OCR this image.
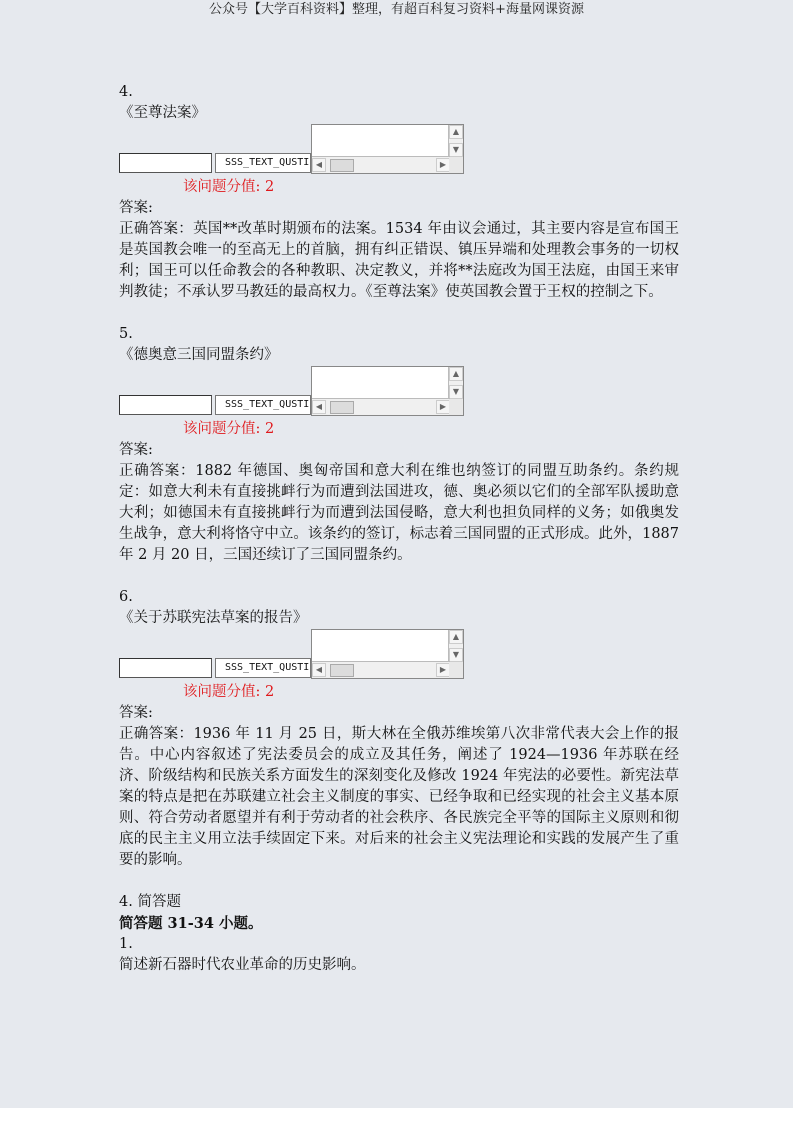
公众号【大学百科资料】整理，有超百科复习资料+海量网课资源
4.
《至尊法案》
SSS_TEXT_QUSTI
▲
▼
◀	▶
该问题分值: 2
答案:
正确答案：英国**改革时期颁布的法案。1534 年由议会通过，其主要内容是宣布国王是英国教会唯一的至高无上的首脑，拥有纠正错误、镇压异端和处理教会事务的一切权利；国王可以任命教会的各种教职、决定教义，并将**法庭改为国王法庭，由国王来审判教徒；不承认罗马教廷的最高权力。《至尊法案》使英国教会置于王权的控制之下。
5.
《德奥意三国同盟条约》
SSS_TEXT_QUSTI
▲
▼
◀	▶
该问题分值: 2
答案:
正确答案：1882 年德国、奥匈帝国和意大利在维也纳签订的同盟互助条约。条约规定：如意大利未有直接挑衅行为而遭到法国进攻，德、奥必须以它们的全部军队援助意大利；如德国未有直接挑衅行为而遭到法国侵略，意大利也担负同样的义务；如俄奥发生战争，意大利将恪守中立。该条约的签订，标志着三国同盟的正式形成。此外，1887 年 2 月 20 日，三国还续订了三国同盟条约。
6.
《关于苏联宪法草案的报告》
SSS_TEXT_QUSTI
▲
▼
◀	▶
该问题分值: 2
答案:
正确答案：1936 年 11 月 25 日，斯大林在全俄苏维埃第八次非常代表大会上作的报告。中心内容叙述了宪法委员会的成立及其任务，阐述了 1924—1936 年苏联在经济、阶级结构和民族关系方面发生的深刻变化及修改 1924 年宪法的必要性。新宪法草案的特点是把在苏联建立社会主义制度的事实、已经争取和已经实现的社会主义基本原则、符合劳动者愿望并有利于劳动者的社会秩序、各民族完全平等的国际主义原则和彻底的民主主义用立法手续固定下来。对后来的社会主义宪法理论和实践的发展产生了重要的影响。
4. 简答题
简答题 31-34 小题。
1.
简述新石器时代农业革命的历史影响。
